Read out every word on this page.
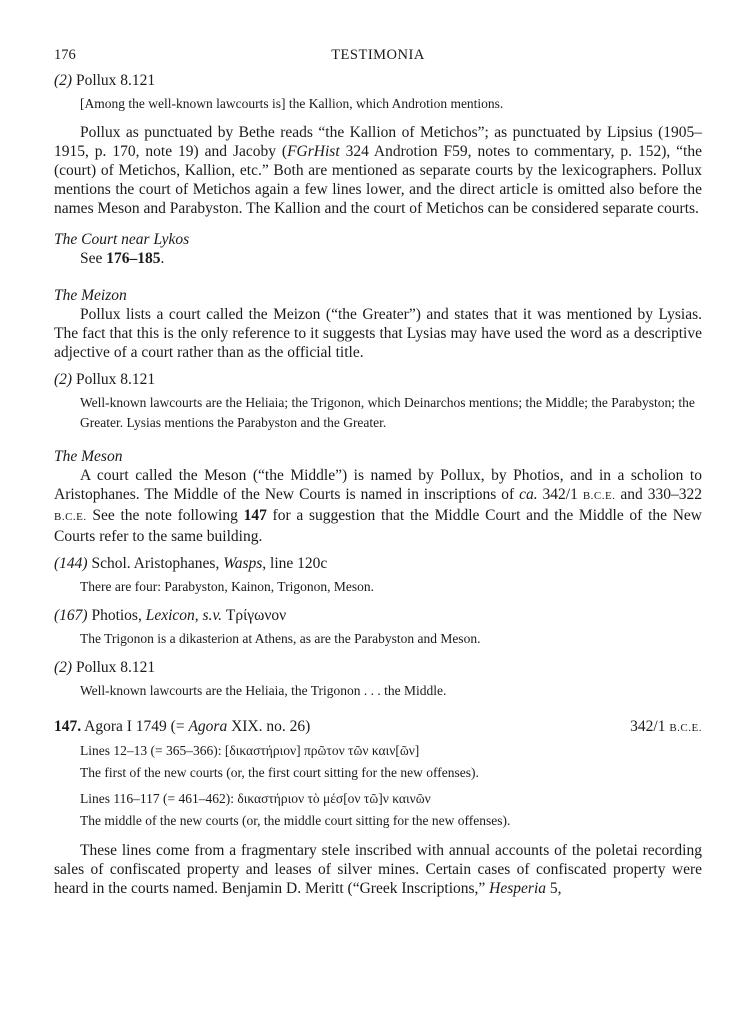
176	TESTIMONIA

(2) Pollux 8.121

[Among the well-known lawcourts is] the Kallion, which Androtion mentions.

Pollux as punctuated by Bethe reads “the Kallion of Metichos”; as punctuated by Lipsius (1905–1915, p. 170, note 19) and Jacoby (FGrHist 324 Androtion F59, notes to commentary, p. 152), “the (court) of Metichos, Kallion, etc.” Both are mentioned as separate courts by the lexicographers. Pollux mentions the court of Metichos again a few lines lower, and the direct article is omitted also before the names Meson and Parabyston. The Kallion and the court of Metichos can be considered separate courts.

The Court near Lykos

See 176–185.

The Meizon

Pollux lists a court called the Meizon (“the Greater”) and states that it was mentioned by Lysias. The fact that this is the only reference to it suggests that Lysias may have used the word as a descriptive adjective of a court rather than as the official title.

(2) Pollux 8.121

Well-known lawcourts are the Heliaia; the Trigonon, which Deinarchos mentions; the Middle; the Parabyston; the Greater. Lysias mentions the Parabyston and the Greater.

The Meson

A court called the Meson (“the Middle”) is named by Pollux, by Photios, and in a scholion to Aristophanes. The Middle of the New Courts is named in inscriptions of ca. 342/1 B.C.E. and 330–322 B.C.E. See the note following 147 for a suggestion that the Middle Court and the Middle of the New Courts refer to the same building.

(144) Schol. Aristophanes, Wasps, line 120c

There are four: Parabyston, Kainon, Trigonon, Meson.

(167) Photios, Lexicon, s.v. Τρίγωνον

The Trigonon is a dikasterion at Athens, as are the Parabyston and Meson.

(2) Pollux 8.121

Well-known lawcourts are the Heliaia, the Trigonon . . . the Middle.

147. Agora I 1749 (= Agora XIX. no. 26)	342/1 B.C.E.

Lines 12–13 (= 365–366): [δικαστήριον] πρῶτον τῶν καιν[ῶν]

The first of the new courts (or, the first court sitting for the new offenses).

Lines 116–117 (= 461–462): δικαστήριον τὸ μέσ[ον τῶ]ν καινῶν

The middle of the new courts (or, the middle court sitting for the new offenses).

These lines come from a fragmentary stele inscribed with annual accounts of the poletai recording sales of confiscated property and leases of silver mines. Certain cases of confiscated property were heard in the courts named. Benjamin D. Meritt (“Greek Inscriptions,” Hesperia 5,
